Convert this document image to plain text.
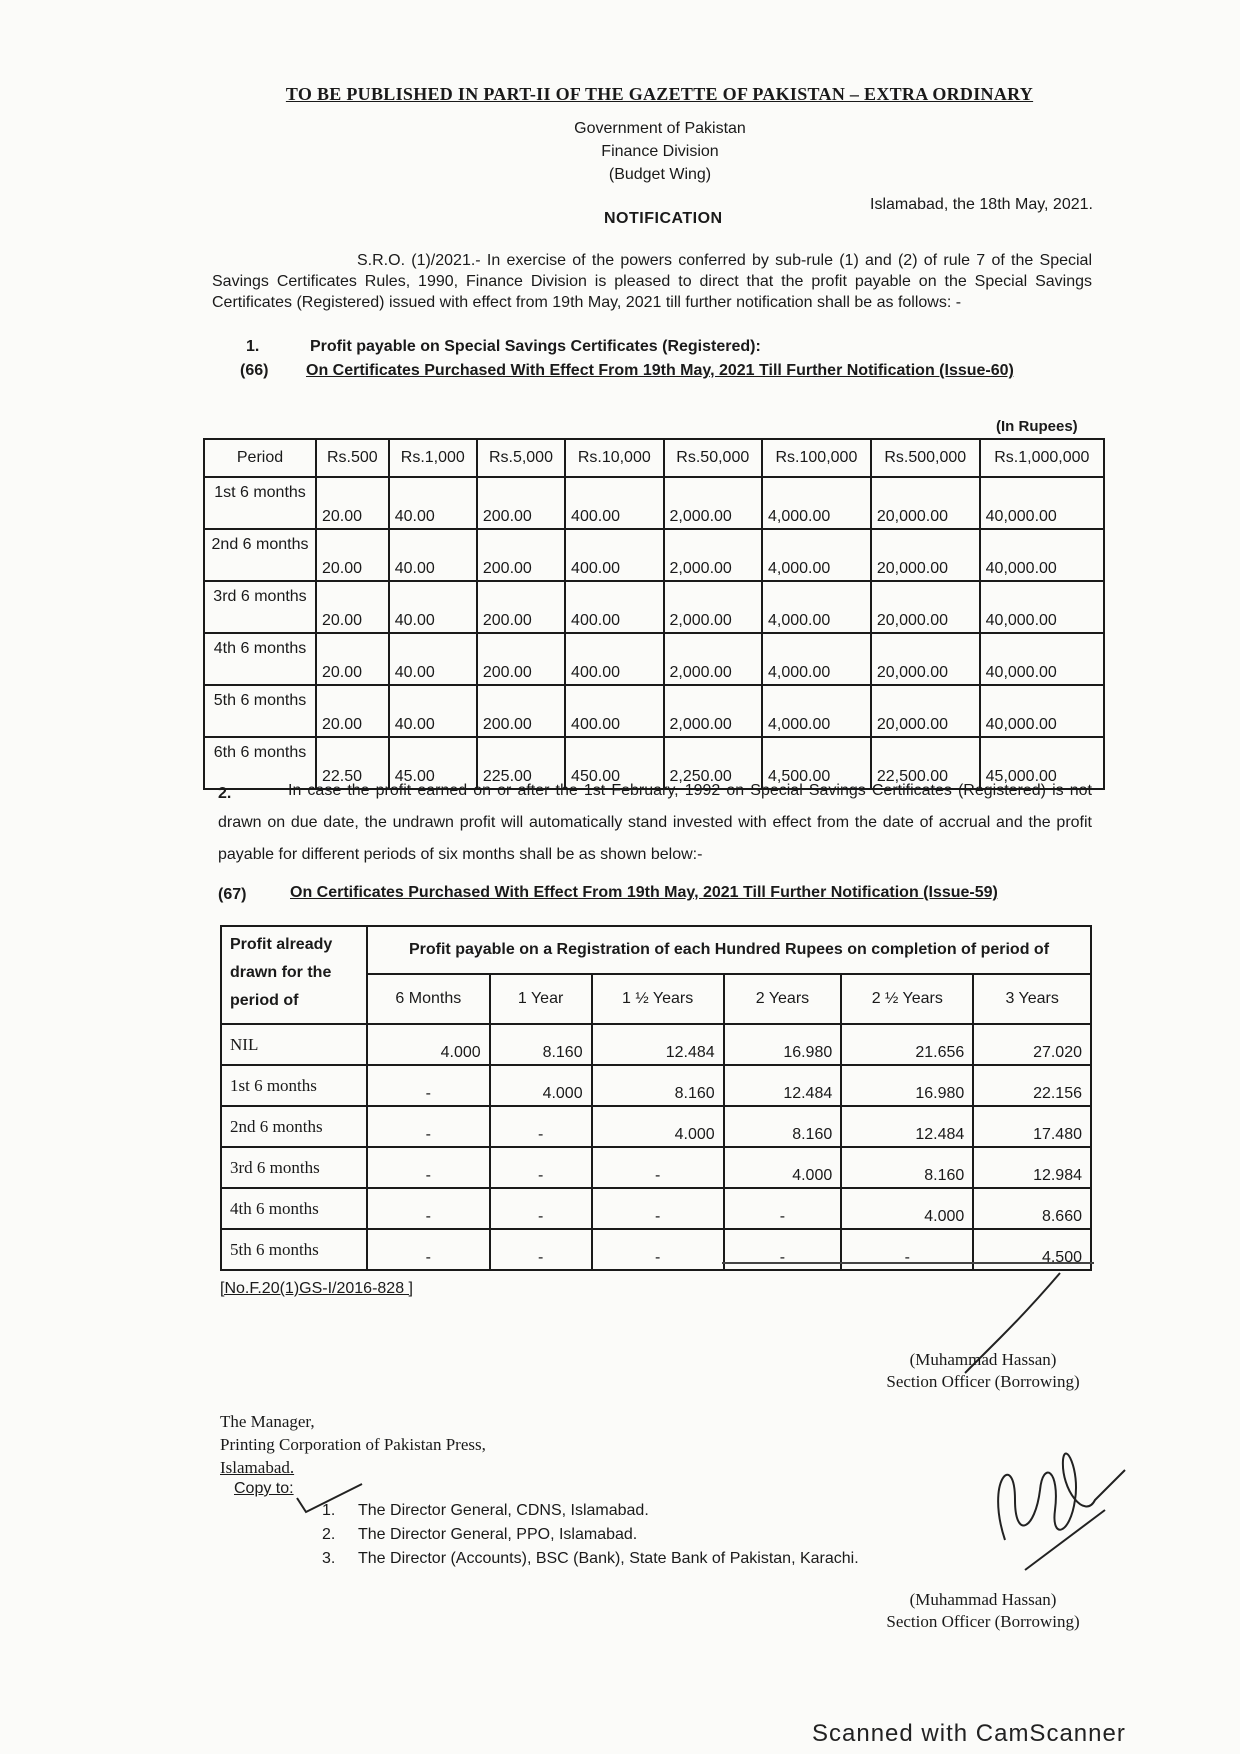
TO BE PUBLISHED IN PART-II OF THE GAZETTE OF PAKISTAN – EXTRA ORDINARY
Government of Pakistan
Finance Division
(Budget Wing)
Islamabad, the 18th May, 2021.
NOTIFICATION
S.R.O. (1)/2021.- In exercise of the powers conferred by sub-rule (1) and (2) of rule 7 of the Special Savings Certificates Rules, 1990, Finance Division is pleased to direct that the profit payable on the Special Savings Certificates (Registered) issued with effect from 19th May, 2021 till further notification shall be as follows: -
1.	Profit payable on Special Savings Certificates (Registered):
(66) On Certificates Purchased With Effect From 19th May, 2021 Till Further Notification (Issue-60)
(In Rupees)
Period	Rs.500	Rs.1,000	Rs.5,000	Rs.10,000	Rs.50,000	Rs.100,000	Rs.500,000	Rs.1,000,000
1st 6 months	20.00	40.00	200.00	400.00	2,000.00	4,000.00	20,000.00	40,000.00
2nd 6 months	20.00	40.00	200.00	400.00	2,000.00	4,000.00	20,000.00	40,000.00
3rd 6 months	20.00	40.00	200.00	400.00	2,000.00	4,000.00	20,000.00	40,000.00
4th 6 months	20.00	40.00	200.00	400.00	2,000.00	4,000.00	20,000.00	40,000.00
5th 6 months	20.00	40.00	200.00	400.00	2,000.00	4,000.00	20,000.00	40,000.00
6th 6 months	22.50	45.00	225.00	450.00	2,250.00	4,500.00	22,500.00	45,000.00
2.	In case the profit earned on or after the 1st February, 1992 on Special Savings Certificates (Registered) is not drawn on due date, the undrawn profit will automatically stand invested with effect from the date of accrual and the profit payable for different periods of six months shall be as shown below:-
(67)	On Certificates Purchased With Effect From 19th May, 2021 Till Further Notification (Issue-59)
Profit already drawn for the period of	Profit payable on a Registration of each Hundred Rupees on completion of period of					
	6 Months	1 Year	1 ½ Years	2 Years	2 ½ Years	3 Years
NIL	4.000	8.160	12.484	16.980	21.656	27.020
1st 6 months	-	4.000	8.160	12.484	16.980	22.156
2nd 6 months	-	-	4.000	8.160	12.484	17.480
3rd 6 months	-	-	-	4.000	8.160	12.984
4th 6 months	-	-	-	-	4.000	8.660
5th 6 months	-	-	-	-	-	4.500
[No.F.20(1)GS-I/2016-828 ]
(Muhammad Hassan)
Section Officer (Borrowing)
The Manager,
Printing Corporation of Pakistan Press,
Islamabad.
Copy to:
1. The Director General, CDNS, Islamabad.
2. The Director General, PPO, Islamabad.
3. The Director (Accounts), BSC (Bank), State Bank of Pakistan, Karachi.
(Muhammad Hassan)
Section Officer (Borrowing)
Scanned with CamScanner
